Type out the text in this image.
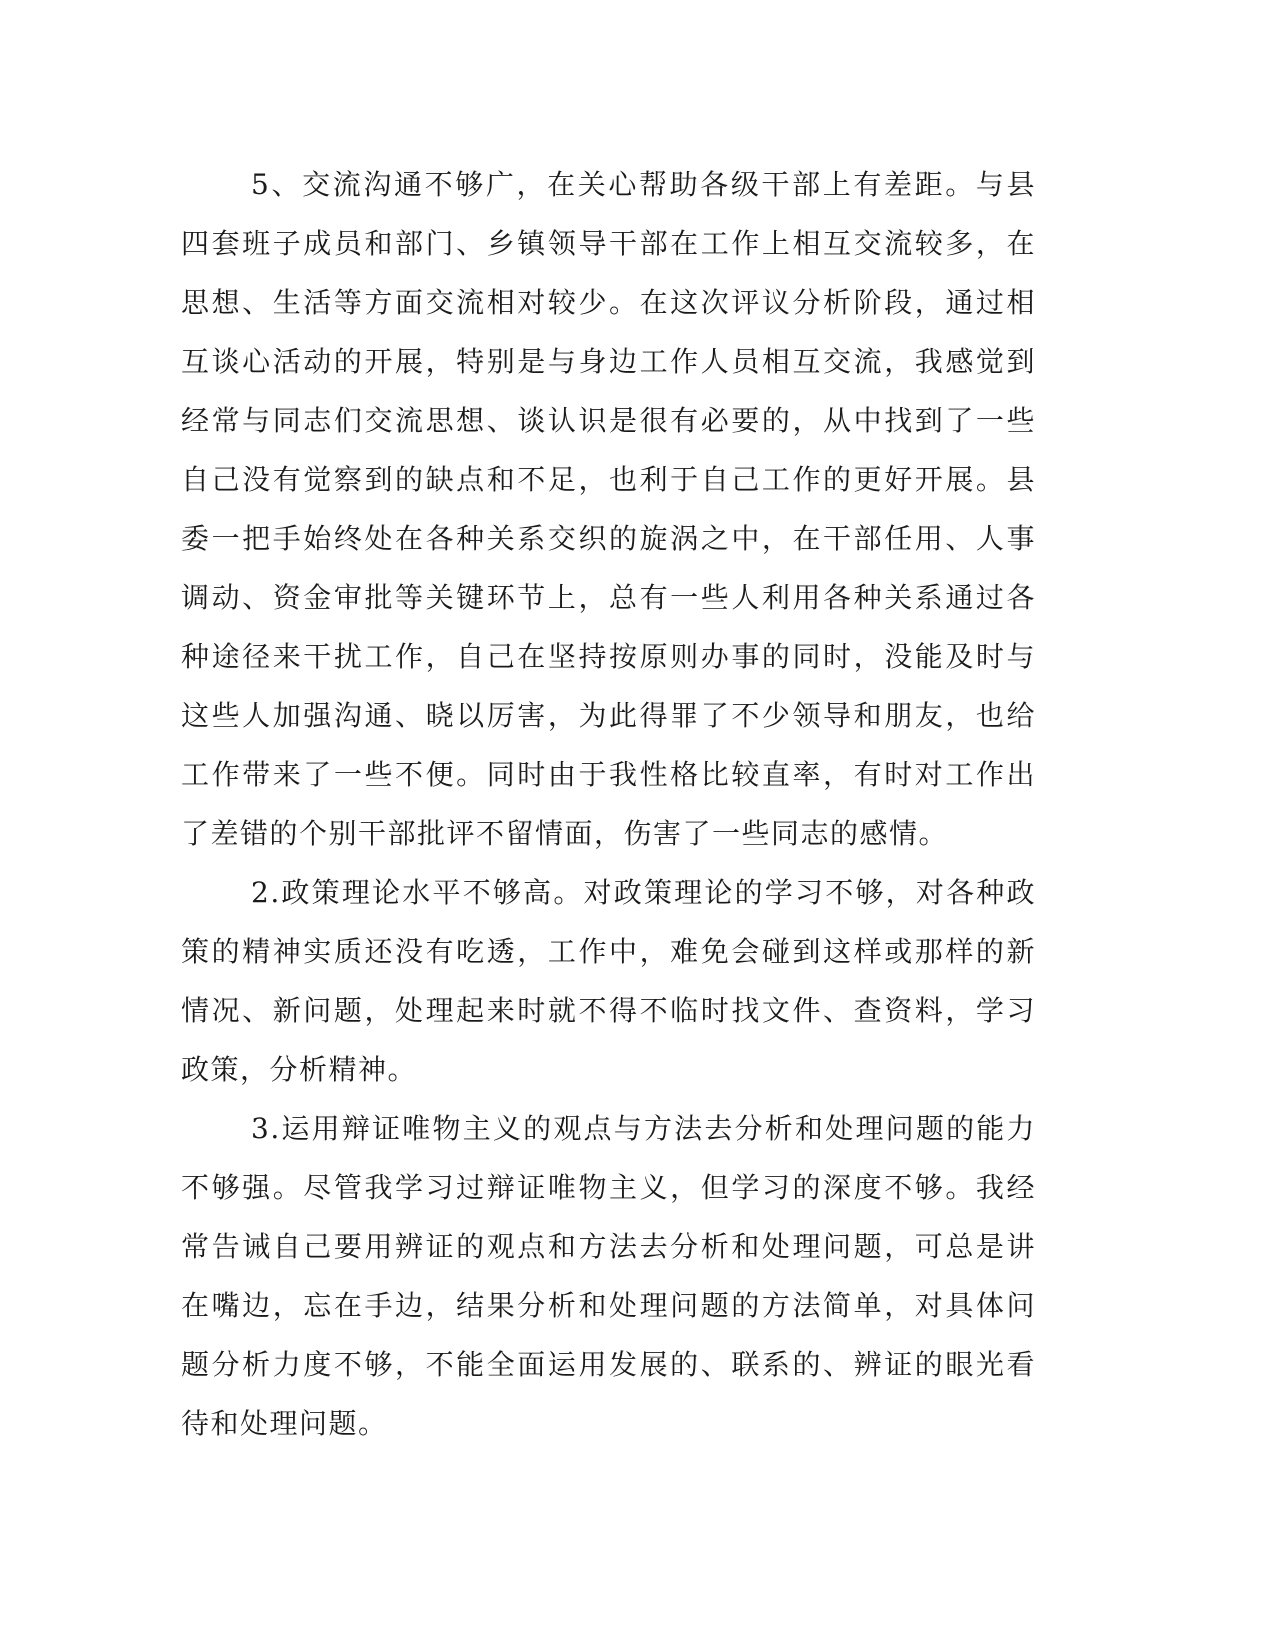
5、交流沟通不够广，在关心帮助各级干部上有差距。与县四套班子成员和部门、乡镇领导干部在工作上相互交流较多，在思想、生活等方面交流相对较少。在这次评议分析阶段，通过相互谈心活动的开展，特别是与身边工作人员相互交流，我感觉到经常与同志们交流思想、谈认识是很有必要的，从中找到了一些自己没有觉察到的缺点和不足，也利于自己工作的更好开展。县委一把手始终处在各种关系交织的旋涡之中，在干部任用、人事调动、资金审批等关键环节上，总有一些人利用各种关系通过各种途径来干扰工作，自己在坚持按原则办事的同时，没能及时与这些人加强沟通、晓以厉害，为此得罪了不少领导和朋友，也给工作带来了一些不便。同时由于我性格比较直率，有时对工作出了差错的个别干部批评不留情面，伤害了一些同志的感情。

2.政策理论水平不够高。对政策理论的学习不够，对各种政策的精神实质还没有吃透，工作中，难免会碰到这样或那样的新情况、新问题，处理起来时就不得不临时找文件、查资料，学习政策，分析精神。

3.运用辩证唯物主义的观点与方法去分析和处理问题的能力不够强。尽管我学习过辩证唯物主义，但学习的深度不够。我经常告诫自己要用辨证的观点和方法去分析和处理问题，可总是讲在嘴边，忘在手边，结果分析和处理问题的方法简单，对具体问题分析力度不够，不能全面运用发展的、联系的、辨证的眼光看待和处理问题。
